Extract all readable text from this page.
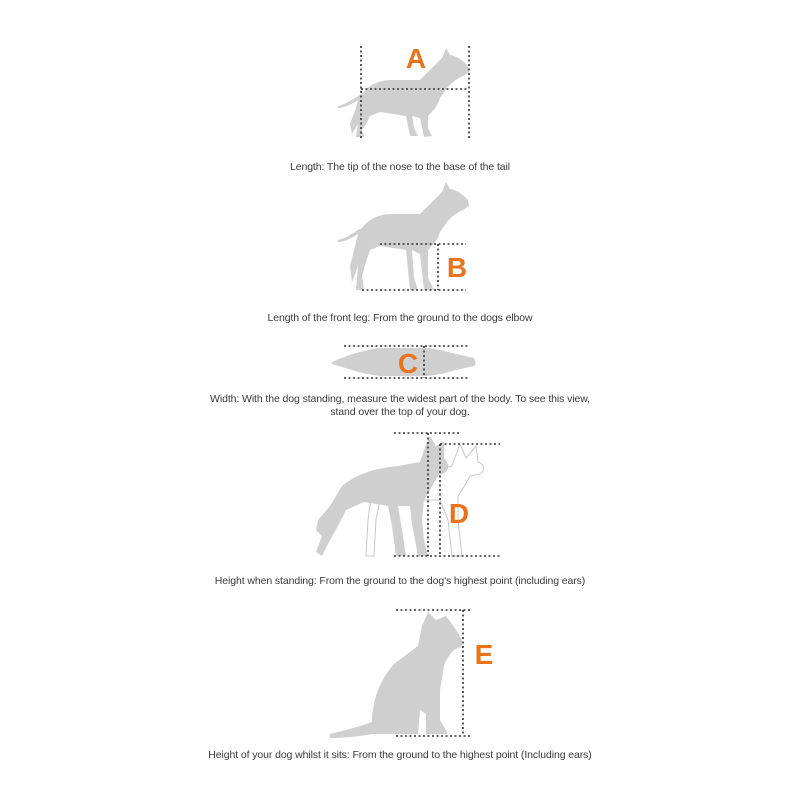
A
B
C
D
E
Length: The tip of the nose to the base of the tail
Length of the front leg: From the ground to the dogs elbow
Width: With the dog standing, measure the widest part of the body. To see this view,
stand over the top of your dog.
Height when standing: From the ground to the dog's highest point (including ears)
Height of your dog whilst it sits: From the ground to the highest point (Including ears)
